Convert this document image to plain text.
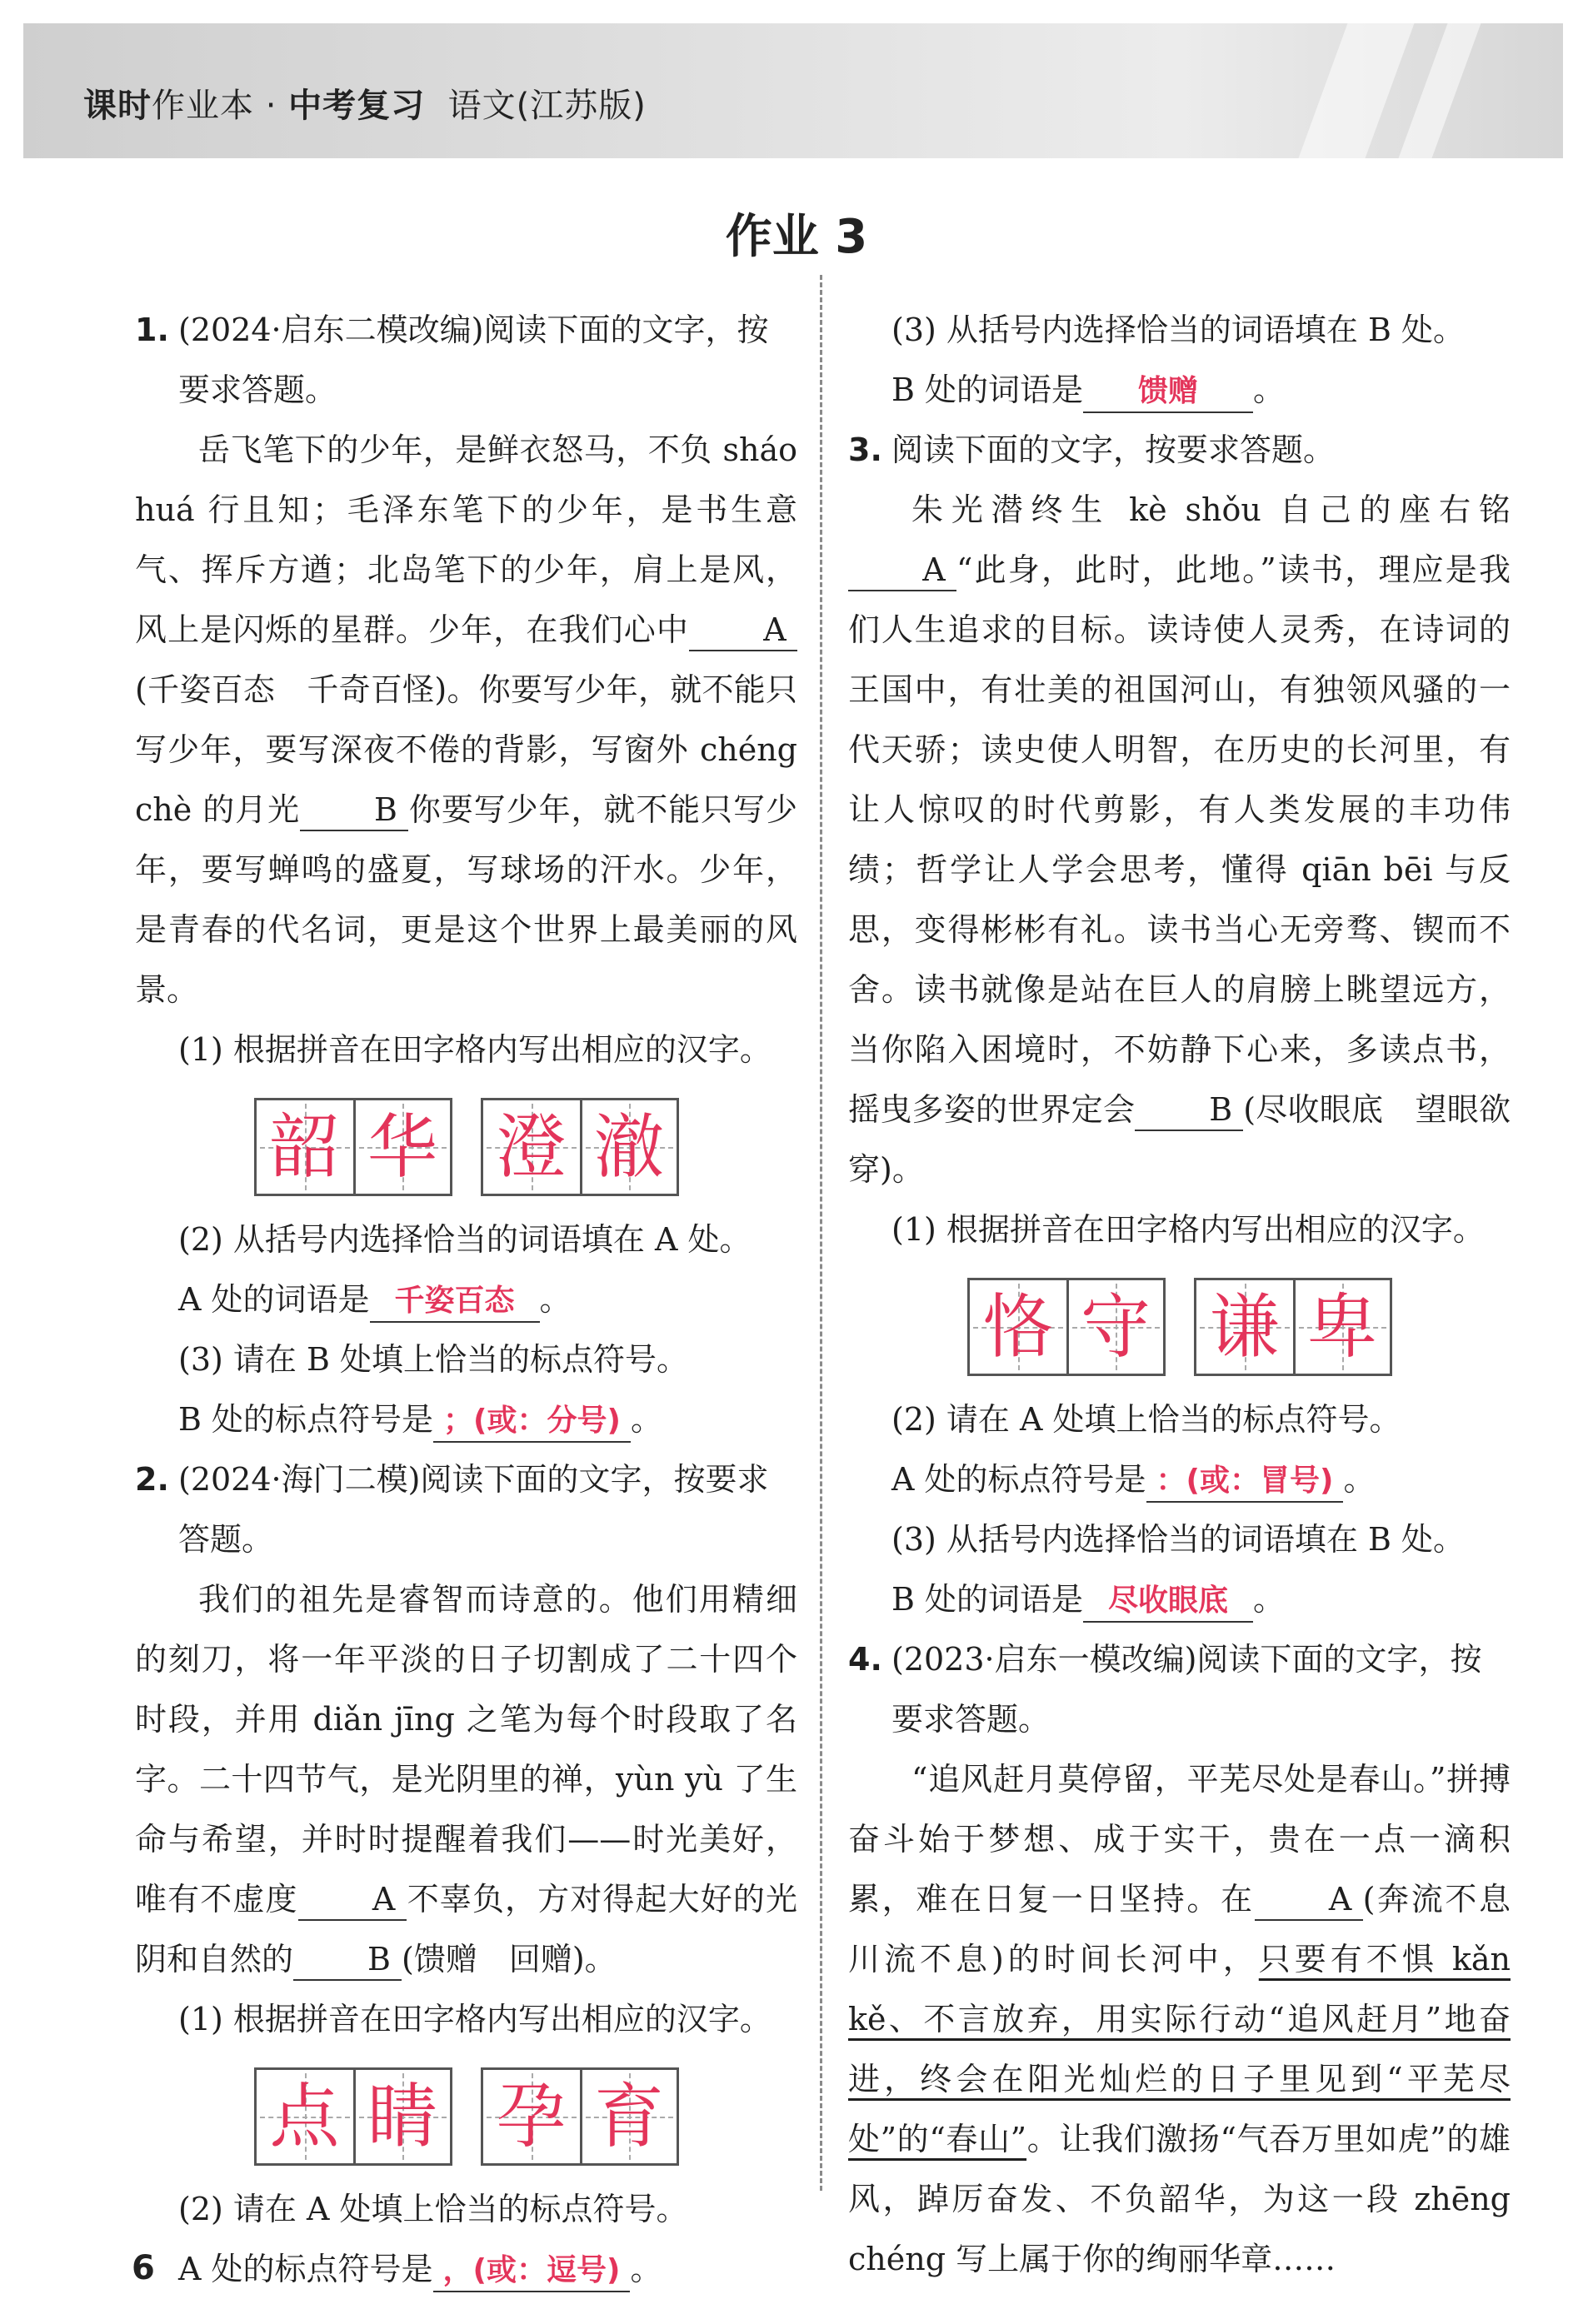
课时作业本 · 中考复习 语文(江苏版)
作业 3
1. (2024·启东二模改编)阅读下面的文字，按要求答题。
岳飞笔下的少年，是鲜衣怒马，不负 sháo huá 行且知；毛泽东笔下的少年，是书生意气、挥斥方遒；北岛笔下的少年，肩上是风，风上是闪烁的星群。少年，在我们心中 A(千姿百态　千奇百怪)。你要写少年，就不能只写少年，要写深夜不倦的背影，写窗外 chéng chè 的月光 B 你要写少年，就不能只写少年，要写蝉鸣的盛夏，写球场的汗水。少年，是青春的代名词，更是这个世界上最美丽的风景。
(1) 根据拼音在田字格内写出相应的汉字。
韶 华 澄 澈
(2) 从括号内选择恰当的词语填在 A 处。
A 处的词语是 千姿百态 。
(3) 请在 B 处填上恰当的标点符号。
B 处的标点符号是 ；(或：分号) 。
2. (2024·海门二模)阅读下面的文字，按要求答题。
我们的祖先是睿智而诗意的。他们用精细的刻刀，将一年平淡的日子切割成了二十四个时段，并用 diǎn jīng 之笔为每个时段取了名字。二十四节气，是光阴里的禅，yùn yù 了生命与希望，并时时提醒着我们——时光美好，唯有不虚度 A 不辜负，方对得起大好的光阴和自然的 B (馈赠　回赠)。
(1) 根据拼音在田字格内写出相应的汉字。
点 睛 孕 育
(2) 请在 A 处填上恰当的标点符号。
A 处的标点符号是 ，(或：逗号) 。
(3) 从括号内选择恰当的词语填在 B 处。
B 处的词语是 馈赠 。
3. 阅读下面的文字，按要求答题。
朱光潜终生 kè shǒu 自己的座右铭A “此身，此时，此地。”读书，理应是我们人生追求的目标。读诗使人灵秀，在诗词的王国中，有壮美的祖国河山，有独领风骚的一代天骄；读史使人明智，在历史的长河里，有让人惊叹的时代剪影，有人类发展的丰功伟绩；哲学让人学会思考，懂得 qiān bēi 与反思，变得彬彬有礼。读书当心无旁骛、锲而不舍。读书就像是站在巨人的肩膀上眺望远方，当你陷入困境时，不妨静下心来，多读点书，摇曳多姿的世界定会 B (尽收眼底　望眼欲穿)。
(1) 根据拼音在田字格内写出相应的汉字。
恪 守 谦 卑
(2) 请在 A 处填上恰当的标点符号。
A 处的标点符号是 ：(或：冒号) 。
(3) 从括号内选择恰当的词语填在 B 处。
B 处的词语是 尽收眼底 。
4. (2023·启东一模改编)阅读下面的文字，按要求答题。
“追风赶月莫停留，平芜尽处是春山。”拼搏奋斗始于梦想、成于实干，贵在一点一滴积累，难在日复一日坚持。在 A (奔流不息　川流不息)的时间长河中，只要有不惧 kǎn kě、不言放弃，用实际行动“追风赶月”地奋进，终会在阳光灿烂的日子里见到“平芜尽处”的“春山”。让我们激扬“气吞万里如虎”的雄风，踔厉奋发、不负韶华，为这一段 zhēng chéng 写上属于你的绚丽华章……
6
